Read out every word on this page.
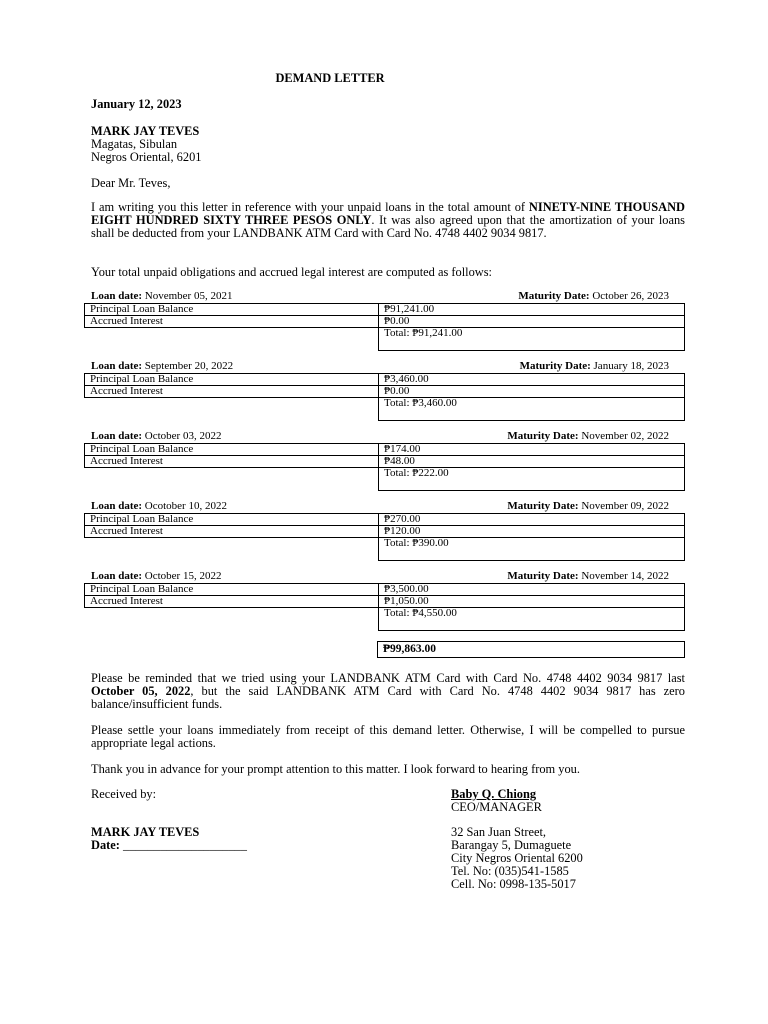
DEMAND LETTER
January 12, 2023
MARK JAY TEVES
Magatas, Sibulan
Negros Oriental, 6201
Dear Mr. Teves,
I am writing you this letter in reference with your unpaid loans in the total amount of NINETY-NINE THOUSAND EIGHT HUNDRED SIXTY THREE PESOS ONLY. It was also agreed upon that the amortization of your loans shall be deducted from your LANDBANK ATM Card with Card No. 4748 4402 9034 9817.
Your total unpaid obligations and accrued legal interest are computed as follows:
Loan date: November 05, 2021	Maturity Date: October 26, 2023
Principal Loan Balance	₱91,241.00
Accrued Interest	₱0.00
	Total: ₱91,241.00
Loan date: September 20, 2022	Maturity Date: January 18, 2023
Principal Loan Balance	₱3,460.00
Accrued Interest	₱0.00
	Total: ₱3,460.00
Loan date: October 03, 2022	Maturity Date: November 02, 2022
Principal Loan Balance	₱174.00
Accrued Interest	₱48.00
	Total: ₱222.00
Loan date: Ocotober 10, 2022	Maturity Date: November 09, 2022
Principal Loan Balance	₱270.00
Accrued Interest	₱120.00
	Total: ₱390.00
Loan date: October 15, 2022	Maturity Date: November 14, 2022
Principal Loan Balance	₱3,500.00
Accrued Interest	₱1,050.00
	Total: ₱4,550.00
₱99,863.00
Please be reminded that we tried using your LANDBANK ATM Card with Card No. 4748 4402 9034 9817 last October 05, 2022, but the said LANDBANK ATM Card with Card No. 4748 4402 9034 9817 has zero balance/insufficient funds.
Please settle your loans immediately from receipt of this demand letter. Otherwise, I will be compelled to pursue appropriate legal actions.
Thank you in advance for your prompt attention to this matter. I look forward to hearing from you.
Received by:	Baby Q. Chiong
CEO/MANAGER
MARK JAY TEVES
Date: ____________________
32 San Juan Street,
Barangay 5, Dumaguete
City Negros Oriental 6200
Tel. No: (035)541-1585
Cell. No: 0998-135-5017
